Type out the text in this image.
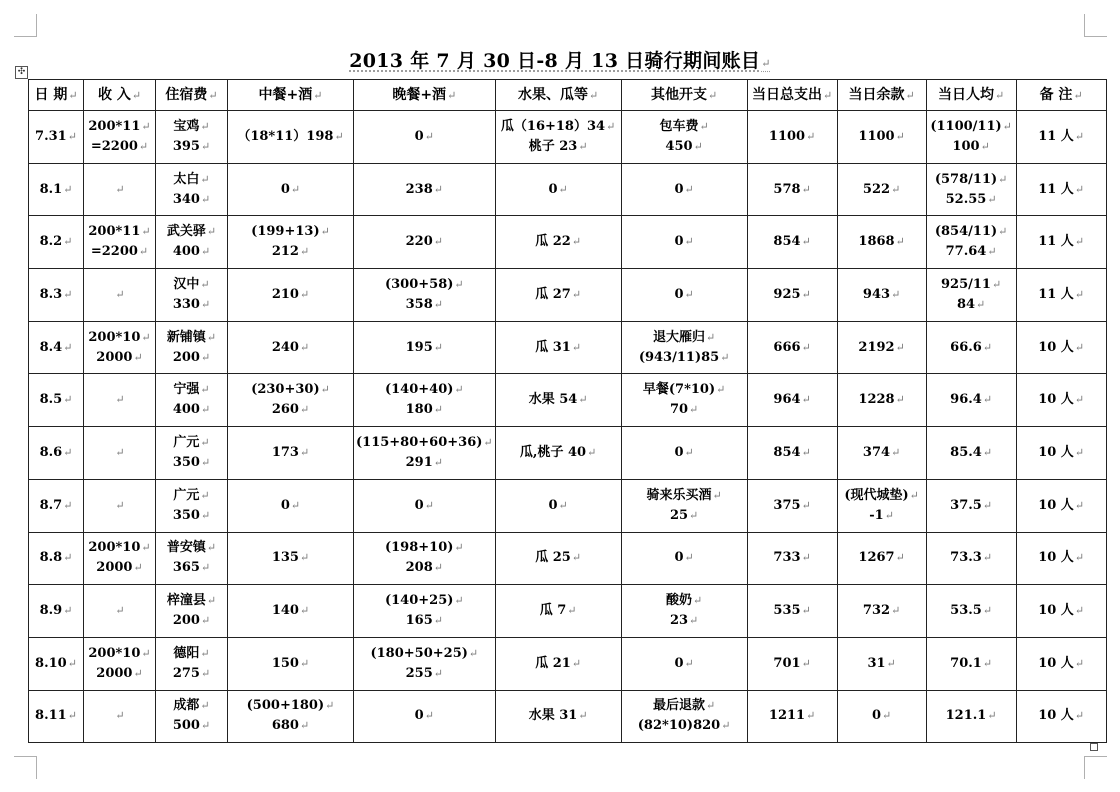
2013 年 7 月 30 日-8 月 13 日骑行期间账目↵
✣
日 期↵	收 入↵	住宿费↵	中餐+酒↵	晚餐+酒↵	水果、瓜等↵	其他开支↵	当日总支出↵	当日余款↵	当日人均↵	备 注↵

7.31↵	200*11↵
=2200↵	宝鸡↵
395↵	（18*11）198↵	0↵	瓜（16+18）34↵
桃子 23↵	包车费↵
450↵	1100↵	1100↵	(1100/11)↵
100↵	11 人↵

8.1↵	↵	太白↵
340↵	0↵	238↵	0↵	0↵	578↵	522↵	(578/11)↵
52.55↵	11 人↵

8.2↵	200*11↵
=2200↵	武关驿↵
400↵	(199+13)↵
212↵	220↵	瓜 22↵	0↵	854↵	1868↵	(854/11)↵
77.64↵	11 人↵

8.3↵	↵	汉中↵
330↵	210↵	(300+58)↵
358↵	瓜 27↵	0↵	925↵	943↵	925/11↵
84↵	11 人↵

8.4↵	200*10↵
2000↵	新铺镇↵
200↵	240↵	195↵	瓜 31↵	退大雁归↵
(943/11)85↵	666↵	2192↵	66.6↵	10 人↵

8.5↵	↵	宁强↵
400↵	(230+30)↵
260↵	(140+40)↵
180↵	水果 54↵	早餐(7*10)↵
70↵	964↵	1228↵	96.4↵	10 人↵

8.6↵	↵	广元↵
350↵	173↵	(115+80+60+36)↵
291↵	瓜,桃子 40↵	0↵	854↵	374↵	85.4↵	10 人↵

8.7↵	↵	广元↵
350↵	0↵	0↵	0↵	骑来乐买酒↵
25↵	375↵	(现代城垫)↵
-1↵	37.5↵	10 人↵

8.8↵	200*10↵
2000↵	普安镇↵
365↵	135↵	(198+10)↵
208↵	瓜 25↵	0↵	733↵	1267↵	73.3↵	10 人↵

8.9↵	↵	梓潼县↵
200↵	140↵	(140+25)↵
165↵	瓜 7↵	酸奶↵
23↵	535↵	732↵	53.5↵	10 人↵

8.10↵	200*10↵
2000↵	德阳↵
275↵	150↵	(180+50+25)↵
255↵	瓜 21↵	0↵	701↵	31↵	70.1↵	10 人↵

8.11↵	↵	成都↵
500↵	(500+180)↵
680↵	0↵	水果 31↵	最后退款↵
(82*10)820↵	1211↵	0↵	121.1↵	10 人↵
